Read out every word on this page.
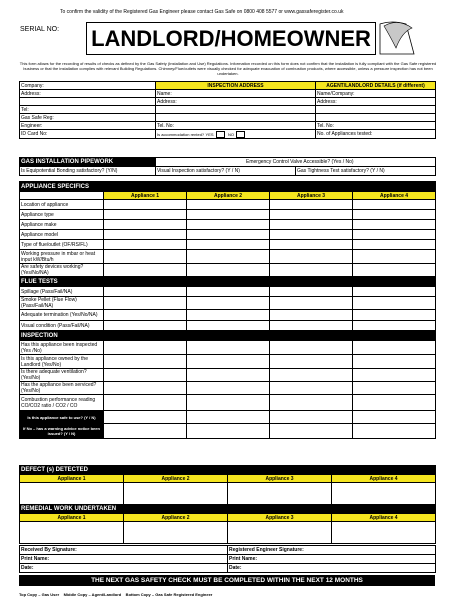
To confirm the validity of the Registered Gas Engineer please contact Gas Safe on 0800 408 5577 or www.gassaferegister.co.uk
SERIAL NO: LANDLORD/HOMEOWNER
This form allows for the recording of results of checks as defined by the Gas Safety (Installation and Use) Regulations. Information recorded on this form does not confirm that the installation is fully compliant with the Gas Safe registered business or that the installation complies with relevant Building Regulations. Chimney/Flue/outlets were visually checked for adequate evacuation of combustion products, where accessible, unless a pressure inspection has not been undertaken.
Company:	INSPECTION ADDRESS	AGENT/LANDLORD DETAILS (if different)
Address:	Name:	Name/Company:
	Address:	Address:
Tel:		
Gas Safe Reg:		
Engineer:	Tel. No:	Tel. No:
ID Card No:	Is accommodation rented? YES NO	No. of Appliances tested:
GAS INSTALLATION PIPEWORK	Emergency Control Valve Accessible? (Yes / No)	
Is Equipotential Bonding satisfactory? (Y/N)	Visual Inspection satisfactory? (Y / N)	Gas Tightness Test satisfactory? (Y / N)
APPLIANCE SPECIFICS				
	Appliance 1	Appliance 2	Appliance 3	Appliance 4
Location of appliance				
Appliance type				
Appliance make				
Appliance model				
Type of flue/outlet (OF/RS/FL)				
Working pressure in mbar or heat input kW/Btu/h				
Are safety devices working? (Yes/No/NA)				
FLUE TESTS				
Spillage (Pass/Fail/NA)				
Smoke Pellet (Flue Flow) (Pass/Fail/NA)				
Adequate termination (Yes/No/NA)				
Visual condition (Pass/Fail/NA)				
INSPECTION				
Has this appliance been inspected (Yes /No)				
Is this appliance owned by the Landlord (Yes/No)				
Is there adequate ventilation? (Yes/No)				
Has the appliance been serviced? (Yes/No)				
Combustion performance reading CO/CO2 ratio / CO2 / CO				
Is this appliance safe to use? (Y / N)				
If No – has a warning advice notice been issued? (Y / N)				
DEFECT (s) DETECTED			
Appliance 1	Appliance 2	Appliance 3	Appliance 4

REMEDIAL WORK UNDERTAKEN			
Appliance 1	Appliance 2	Appliance 3	Appliance 4

Received By Signature:	Registered Engineer Signature:
Print Name:	Print Name:
Date:	Date:
THE NEXT GAS SAFETY CHECK MUST BE COMPLETED WITHIN THE NEXT 12 MONTHS
Top Copy – Gas User    Middle Copy – Agent/Landlord    Bottom Copy – Gas Safe Registered Engineer
